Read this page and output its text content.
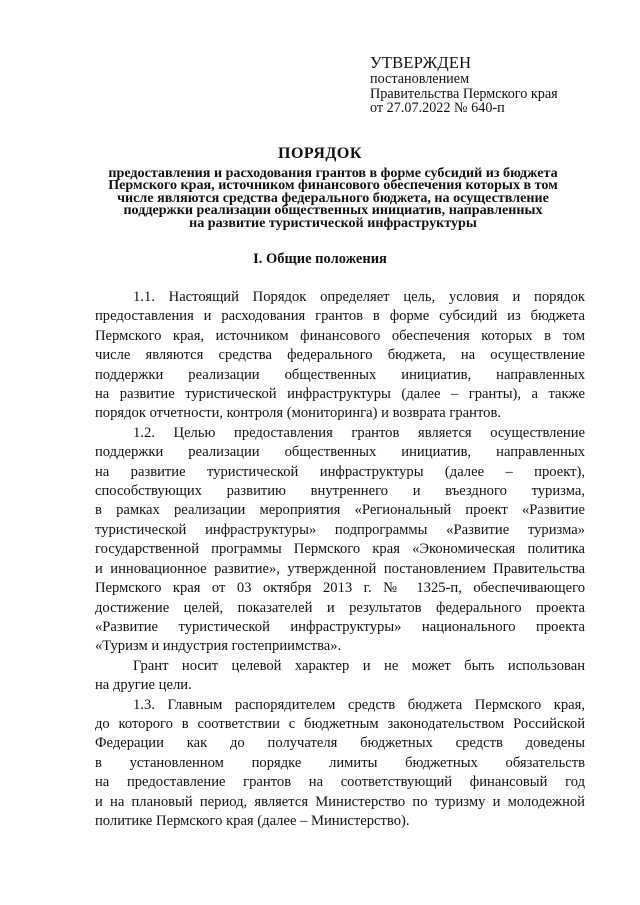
УТВЕРЖДЕН
постановлением
Правительства Пермского края
от 27.07.2022 № 640-п
ПОРЯДОК
предоставления и расходования грантов в форме субсидий из бюджета
Пермского края, источником финансового обеспечения которых в том
числе являются средства федерального бюджета, на осуществление
поддержки реализации общественных инициатив, направленных
на развитие туристической инфраструктуры
I. Общие положения
1.1. Настоящий Порядок определяет цель, условия и порядок
предоставления и расходования грантов в форме субсидий из бюджета
Пермского края, источником финансового обеспечения которых в том
числе являются средства федерального бюджета, на осуществление
поддержки реализации общественных инициатив, направленных
на развитие туристической инфраструктуры (далее – гранты), а также
порядок отчетности, контроля (мониторинга) и возврата грантов.
1.2. Целью предоставления грантов является осуществление
поддержки реализации общественных инициатив, направленных
на развитие туристической инфраструктуры (далее – проект),
способствующих развитию внутреннего и въездного туризма,
в рамках реализации мероприятия «Региональный проект «Развитие
туристической инфраструктуры» подпрограммы «Развитие туризма»
государственной программы Пермского края «Экономическая политика
и инновационное развитие», утвержденной постановлением Правительства
Пермского края от 03 октября 2013 г. № 1325-п, обеспечивающего
достижение целей, показателей и результатов федерального проекта
«Развитие туристической инфраструктуры» национального проекта
«Туризм и индустрия гостеприимства».
Грант носит целевой характер и не может быть использован
на другие цели.
1.3. Главным распорядителем средств бюджета Пермского края,
до которого в соответствии с бюджетным законодательством Российской
Федерации как до получателя бюджетных средств доведены
в установленном порядке лимиты бюджетных обязательств
на предоставление грантов на соответствующий финансовый год
и на плановый период, является Министерство по туризму и молодежной
политике Пермского края (далее – Министерство).
